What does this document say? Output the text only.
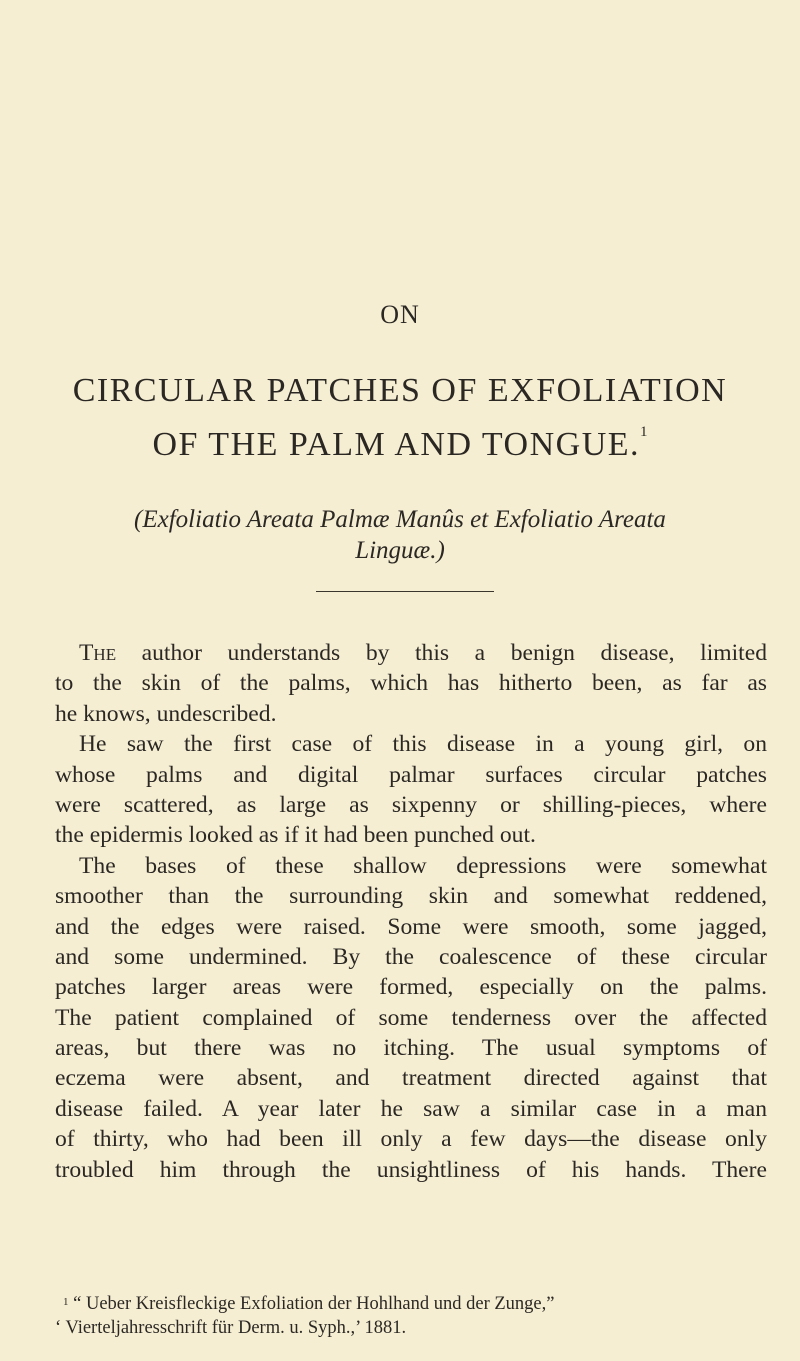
ON
CIRCULAR PATCHES OF EXFOLIATION
OF THE PALM AND TONGUE.$^1$
(Exfoliatio Areata Palmæ Manûs et Exfoliatio Areata
Linguæ.)
The author understands by this a benign disease, limited
to the skin of the palms, which has hitherto been, as far as
he knows, undescribed.
He saw the first case of this disease in a young girl, on
whose palms and digital palmar surfaces circular patches
were scattered, as large as sixpenny or shilling-pieces, where
the epidermis looked as if it had been punched out.
The bases of these shallow depressions were somewhat
smoother than the surrounding skin and somewhat reddened,
and the edges were raised. Some were smooth, some jagged,
and some undermined. By the coalescence of these circular
patches larger areas were formed, especially on the palms.
The patient complained of some tenderness over the affected
areas, but there was no itching. The usual symptoms of
eczema were absent, and treatment directed against that
disease failed. A year later he saw a similar case in a man
of thirty, who had been ill only a few days—the disease only
troubled him through the unsightliness of his hands. There
$^1$ “ Ueber Kreisfleckige Exfoliation der Hohlhand und der Zunge,”
‘ Vierteljahresschrift für Derm. u. Syph.,’ 1881.
